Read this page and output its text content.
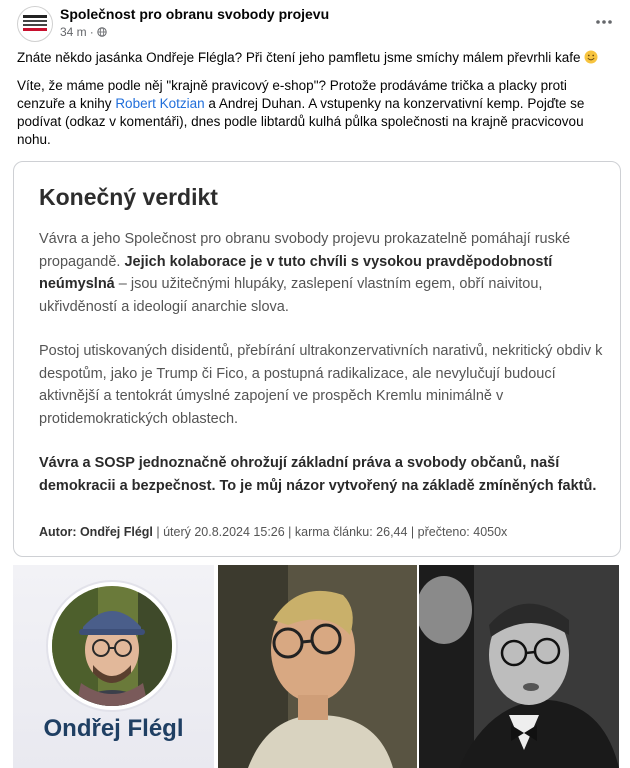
Společnost pro obranu svobody projevu
34 m ·

Znáte někdo jasánka Ondřeje Flégla? Při čtení jeho pamfletu jsme smíchy málem převrhli kafe

Víte, že máme podle něj "krajně pravicový e-shop"? Protože prodáváme trička a placky proti cenzuře a knihy Robert Kotzian a Andrej Duhan. A vstupenky na konzervativní kemp. Pojďte se podívat (odkaz v komentáři), dnes podle libtardů kulhá půlka společnosti na krajně pracvicovou nohu.

Konečný verdikt

Vávra a jeho Společnost pro obranu svobody projevu prokazatelně pomáhají ruské propagandě. Jejich kolaborace je v tuto chvíli s vysokou pravděpodobností neúmyslná – jsou užitečnými hlupáky, zaslepení vlastním egem, obří naivitou, ukřivděností a ideologií anarchie slova.

Postoj utiskovaných disidentů, přebírání ultrakonzervativních narativů, nekritický obdiv k despotům, jako je Trump či Fico, a postupná radikalizace, ale nevylučují budoucí aktivnější a tentokrát úmyslné zapojení ve prospěch Kremlu minimálně v protidemokratických oblastech.

Vávra a SOSP jednoznačně ohrožují základní práva a svobody občanů, naší demokracii a bezpečnost. To je můj názor vytvořený na základě zmíněných faktů.

Autor: Ondřej Flégl | úterý 20.8.2024 15:26 | karma článku: 26,44 | přečteno: 4050x
Ondřej Flégl
